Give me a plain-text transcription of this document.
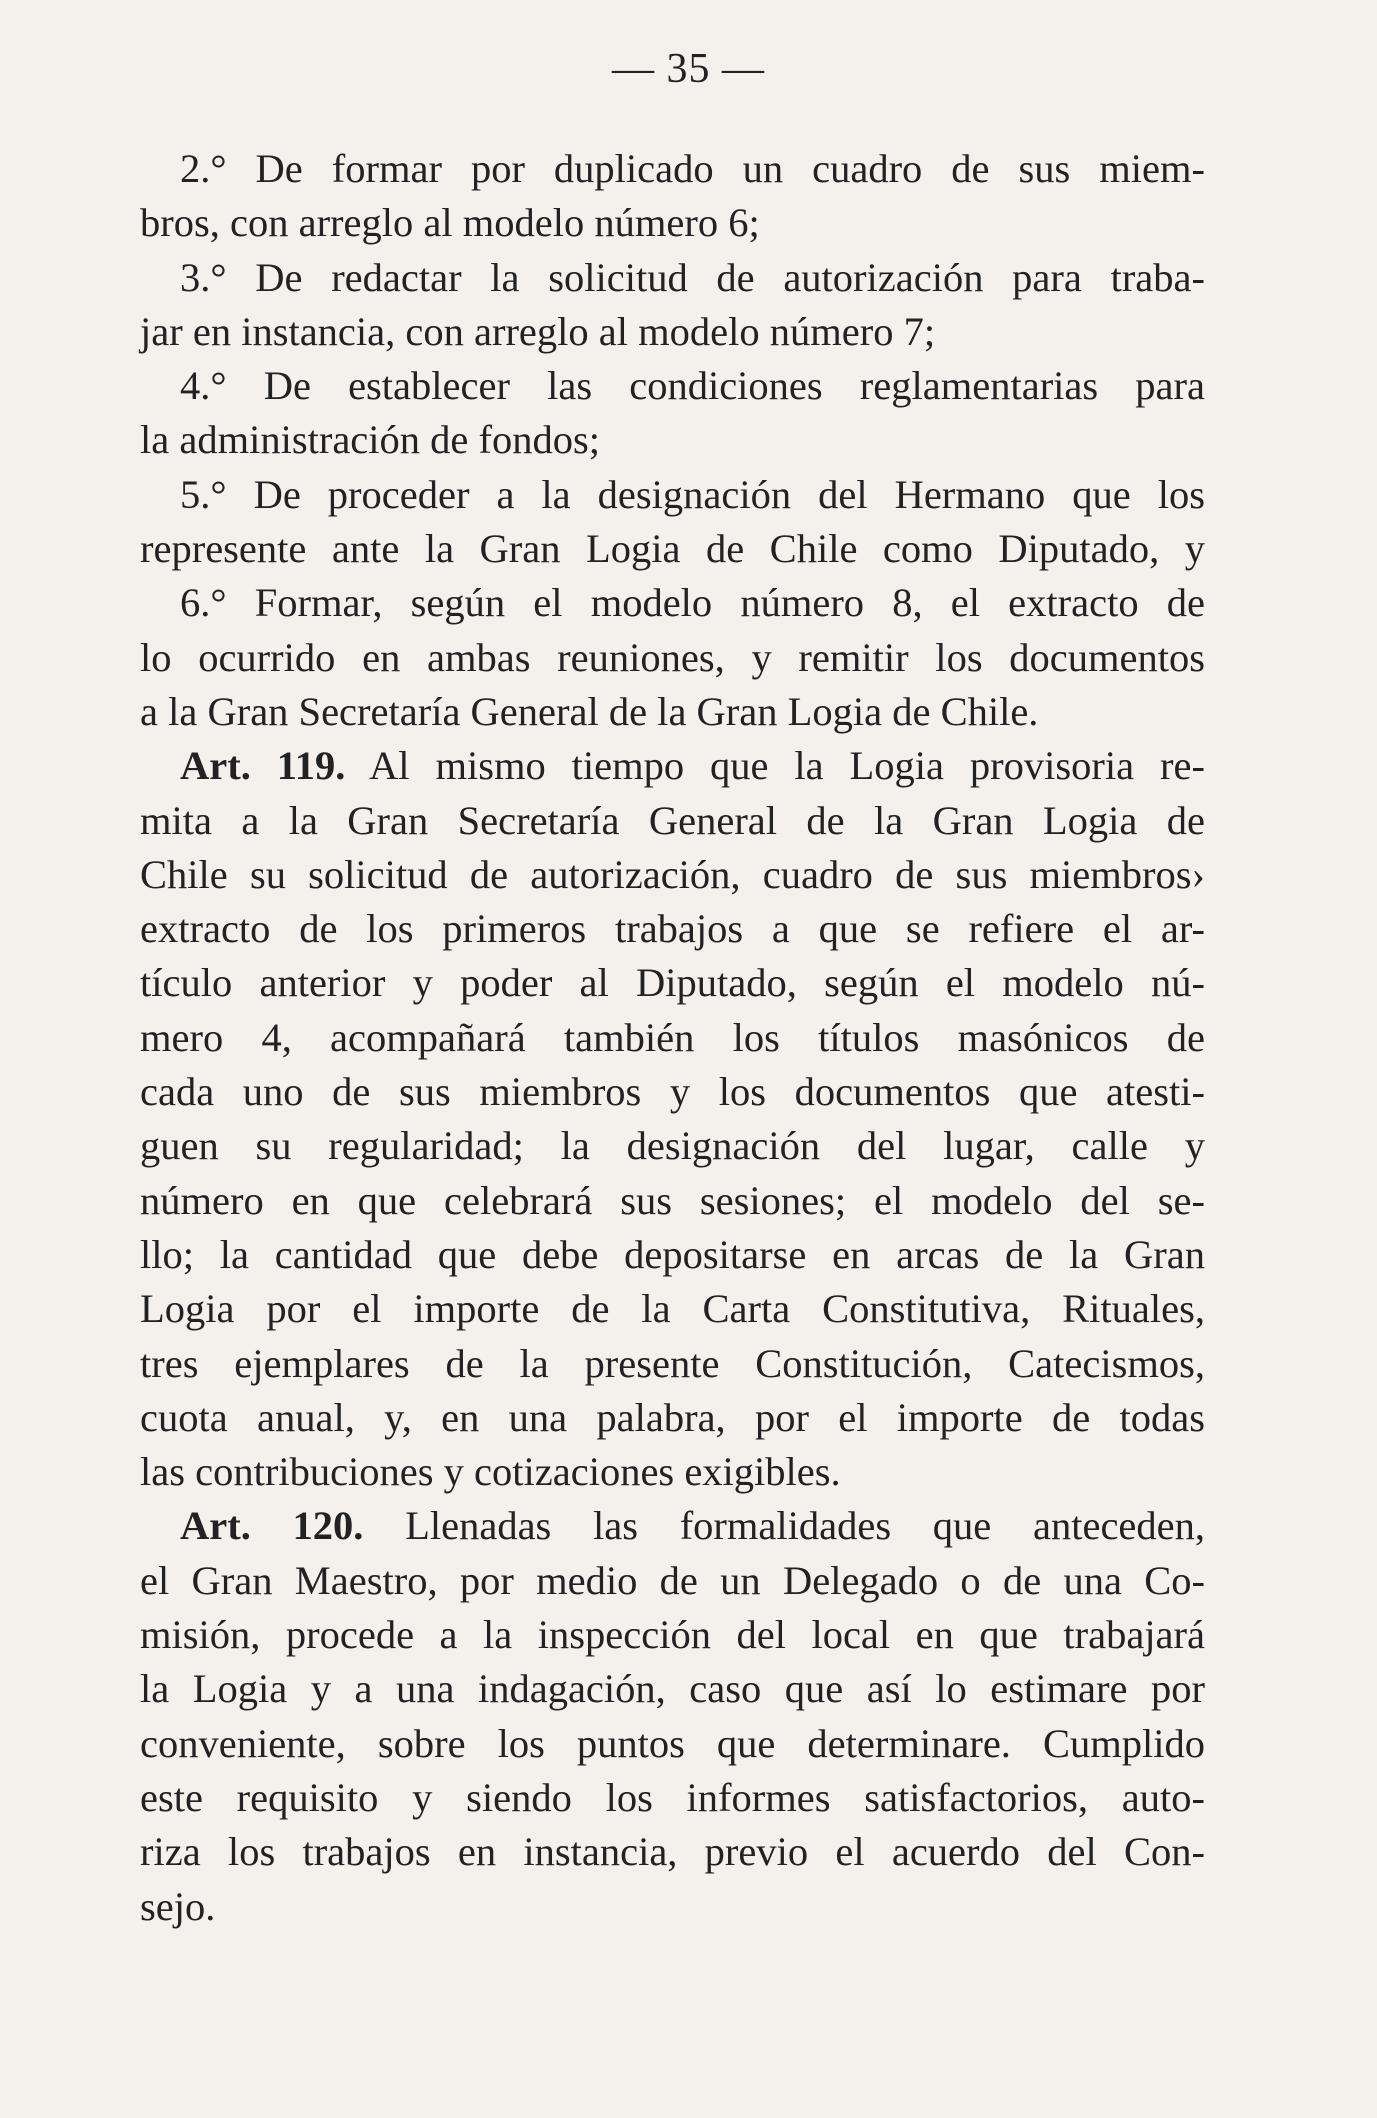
— 35 —
2.° De formar por duplicado un cuadro de sus miem-
bros, con arreglo al modelo número 6;
3.° De redactar la solicitud de autorización para traba-
jar en instancia, con arreglo al modelo número 7;
4.° De establecer las condiciones reglamentarias para
la administración de fondos;
5.° De proceder a la designación del Hermano que los
represente ante la Gran Logia de Chile como Diputado, y
6.° Formar, según el modelo número 8, el extracto de
lo ocurrido en ambas reuniones, y remitir los documentos
a la Gran Secretaría General de la Gran Logia de Chile.
Art. 119. Al mismo tiempo que la Logia provisoria re-
mita a la Gran Secretaría General de la Gran Logia de
Chile su solicitud de autorización, cuadro de sus miembros›
extracto de los primeros trabajos a que se refiere el ar-
tículo anterior y poder al Diputado, según el modelo nú-
mero 4, acompañará también los títulos masónicos de
cada uno de sus miembros y los documentos que atesti-
guen su regularidad; la designación del lugar, calle y
número en que celebrará sus sesiones; el modelo del se-
llo; la cantidad que debe depositarse en arcas de la Gran
Logia por el importe de la Carta Constitutiva, Rituales,
tres ejemplares de la presente Constitución, Catecismos,
cuota anual, y, en una palabra, por el importe de todas
las contribuciones y cotizaciones exigibles.
Art. 120. Llenadas las formalidades que anteceden,
el Gran Maestro, por medio de un Delegado o de una Co-
misión, procede a la inspección del local en que trabajará
la Logia y a una indagación, caso que así lo estimare por
conveniente, sobre los puntos que determinare. Cumplido
este requisito y siendo los informes satisfactorios, auto-
riza los trabajos en instancia, previo el acuerdo del Con-
sejo.
